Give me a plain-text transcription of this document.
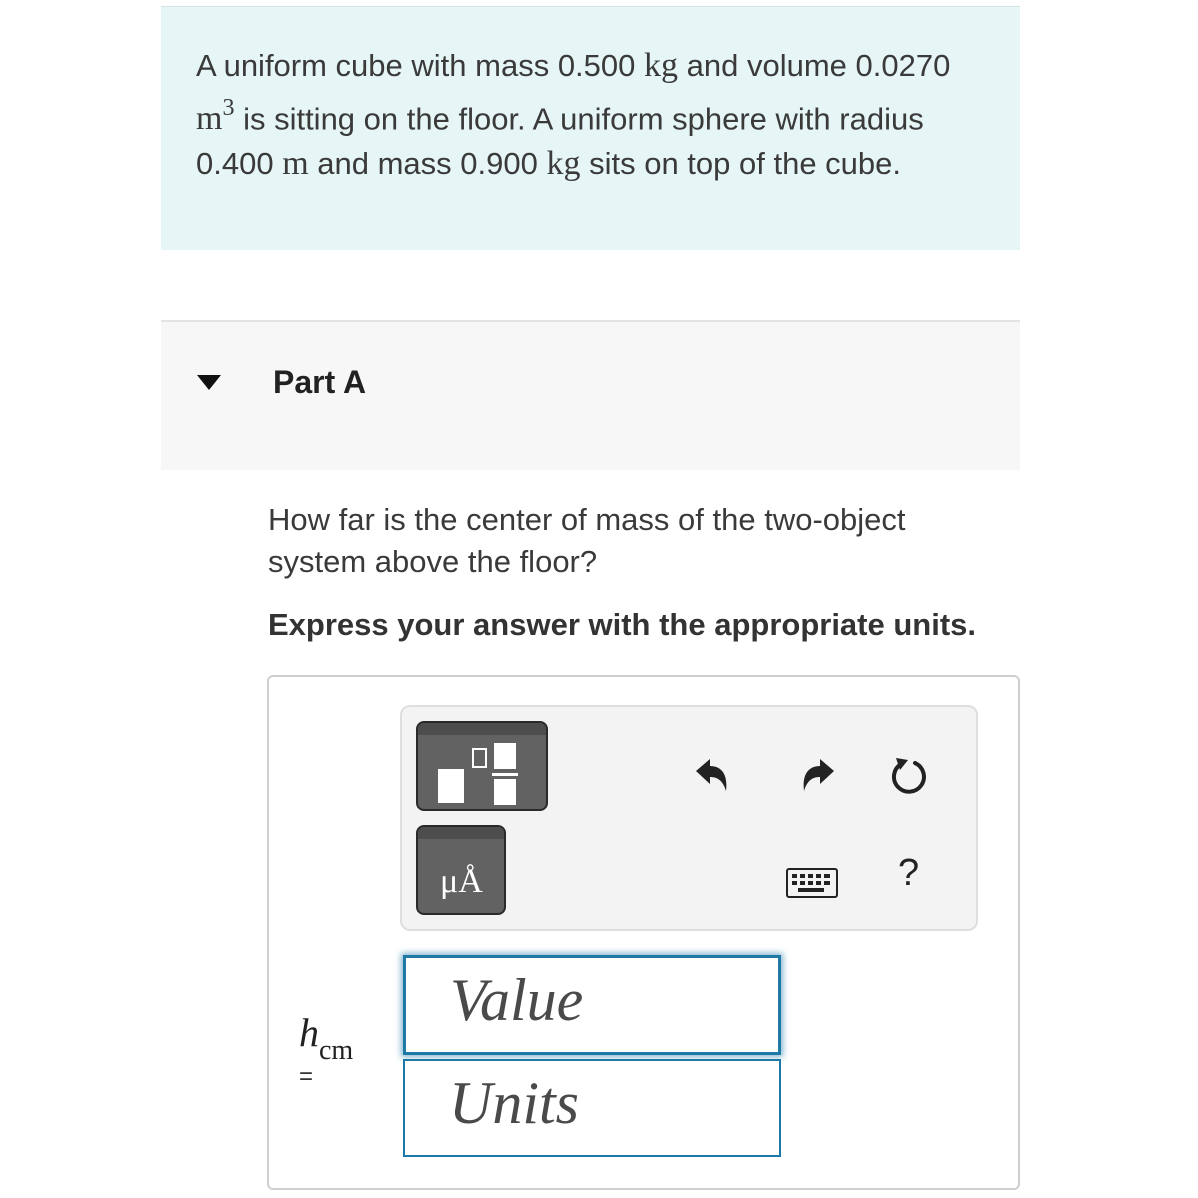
A uniform cube with mass 0.500 kg and volume 0.0270 $m^3$ is sitting on the floor. A uniform sphere with radius 0.400 m and mass 0.900 kg sits on top of the cube.
Part A
How far is the center of mass of the two-object system above the floor?
Express your answer with the appropriate units.
μÅ	?
$h_{cm}$
=
Value
Units
